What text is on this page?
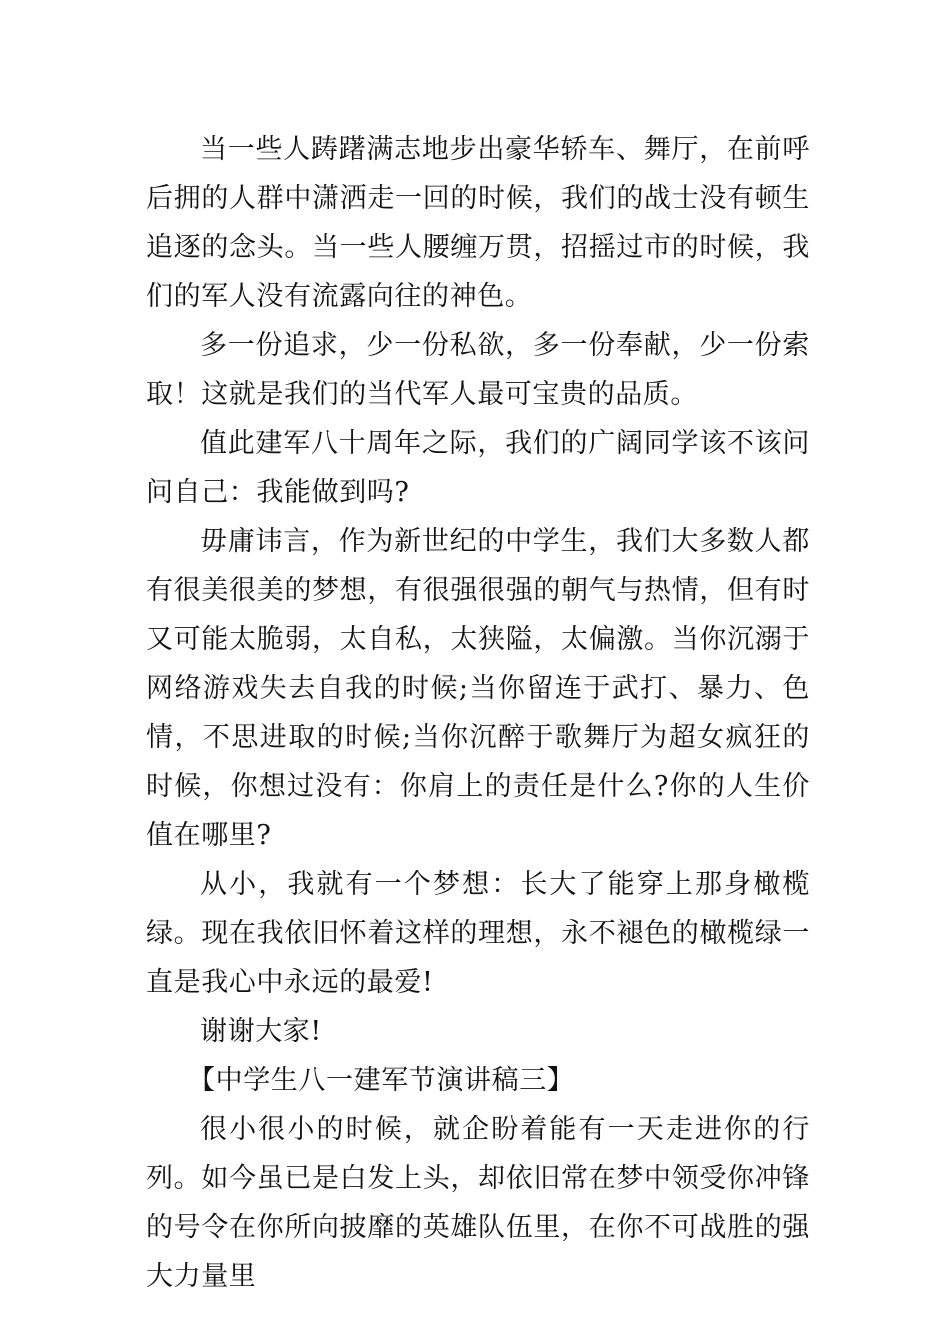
当一些人踌躇满志地步出豪华轿车、舞厅，在前呼后拥的人群中潇洒走一回的时候，我们的战士没有顿生追逐的念头。当一些人腰缠万贯，招摇过市的时候，我们的军人没有流露向往的神色。

多一份追求，少一份私欲，多一份奉献，少一份索取！这就是我们的当代军人最可宝贵的品质。

值此建军八十周年之际，我们的广阔同学该不该问问自己：我能做到吗?

毋庸讳言，作为新世纪的中学生，我们大多数人都有很美很美的梦想，有很强很强的朝气与热情，但有时又可能太脆弱，太自私，太狭隘，太偏激。当你沉溺于网络游戏失去自我的时候;当你留连于武打、暴力、色情，不思进取的时候;当你沉醉于歌舞厅为超女疯狂的时候，你想过没有：你肩上的责任是什么?你的人生价值在哪里?

从小，我就有一个梦想：长大了能穿上那身橄榄绿。现在我依旧怀着这样的理想，永不褪色的橄榄绿一直是我心中永远的最爱!

谢谢大家!

【中学生八一建军节演讲稿三】

很小很小的时候，就企盼着能有一天走进你的行列。如今虽已是白发上头，却依旧常在梦中领受你冲锋的号令在你所向披靡的英雄队伍里，在你不可战胜的强大力量里
